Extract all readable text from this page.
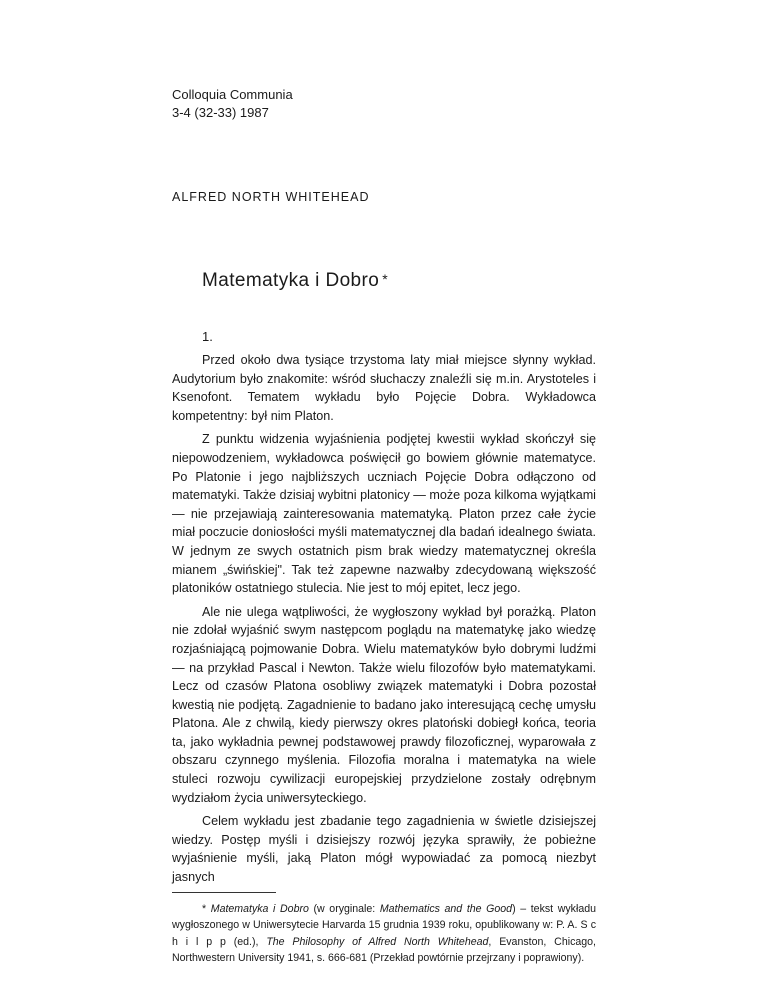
Colloquia Communia

3-4 (32-33) 1987

ALFRED NORTH WHITEHEAD
Matematyka i Dobro *
1.

Przed około dwa tysiące trzystoma laty miał miejsce słynny wykład. Audytorium było znakomite: wśród słuchaczy znaleźli się m.in. Arystoteles i Ksenofont. Tematem wykładu było Pojęcie Dobra. Wykładowca kompetentny: był nim Platon.

Z punktu widzenia wyjaśnienia podjętej kwestii wykład skończył się niepowodzeniem, wykładowca poświęcił go bowiem głównie matematyce. Po Platonie i jego najbliższych uczniach Pojęcie Dobra odłączono od matematyki. Także dzisiaj wybitni platonicy — może poza kilkoma wyjątkami — nie przejawiają zainteresowania matematyką. Platon przez całe życie miał poczucie doniosłości myśli matematycznej dla badań idealnego świata. W jednym ze swych ostatnich pism brak wiedzy matematycznej określa mianem „świńskiej". Tak też zapewne nazwałby zdecydowaną większość platoników ostatniego stulecia. Nie jest to mój epitet, lecz jego.

Ale nie ulega wątpliwości, że wygłoszony wykład był porażką. Platon nie zdołał wyjaśnić swym następcom poglądu na matematykę jako wiedzę rozjaśniającą pojmowanie Dobra. Wielu matematyków było dobrymi ludźmi — na przykład Pascal i Newton. Także wielu filozofów było matematykami. Lecz od czasów Platona osobliwy związek matematyki i Dobra pozostał kwestią nie podjętą. Zagadnienie to badano jako interesującą cechę umysłu Platona. Ale z chwilą, kiedy pierwszy okres platoński dobiegł końca, teoria ta, jako wykładnia pewnej podstawowej prawdy filozoficznej, wyparowała z obszaru czynnego myślenia. Filozofia moralna i matematyka na wiele stuleci rozwoju cywilizacji europejskiej przydzielone zostały odrębnym wydziałom życia uniwersyteckiego.

Celem wykładu jest zbadanie tego zagadnienia w świetle dzisiejszej wiedzy. Postęp myśli i dzisiejszy rozwój języka sprawiły, że pobieżne wyjaśnienie myśli, jaką Platon mógł wypowiadać za pomocą niezbyt jasnych

* Matematyka i Dobro (w oryginale: Mathematics and the Good) – tekst wykładu wygłoszonego w Uniwersytecie Harvarda 15 grudnia 1939 roku, opublikowany w: P. A. S c h i l p p (ed.), The Philosophy of Alfred North Whitehead, Evanston, Chicago, Northwestern University 1941, s. 666-681 (Przekład powtórnie przejrzany i poprawiony).
